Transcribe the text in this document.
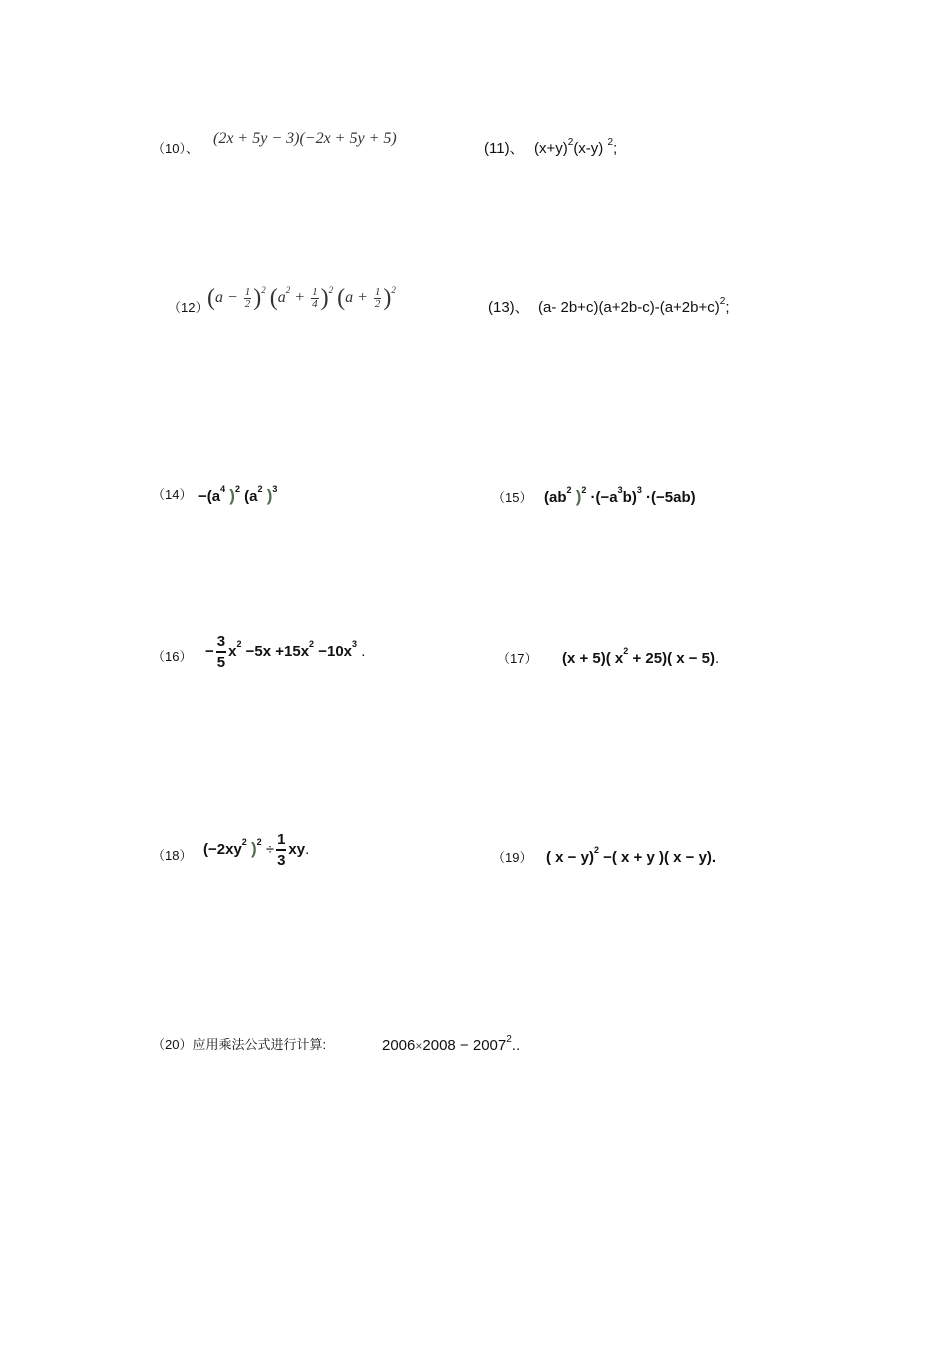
（10）、
(2x + 5y − 3)(−2x + 5y + 5)
(11)、 $(x+y)^2(x-y)$ $^2$;
（12）
$(a - \frac{1}{2} )^2$ $(a^2 + \frac{1}{4} )^2$ $(a + \frac{1}{2} )^2$
(13)、 (a- $2b+c)(a+2b-c)-(a+2b+c)^2$;
$(14) -(a^4$ )$^2$ ($a^2$ )$^3$
（15） ($ab^2$ )$^2 \cdot(-a^3b)^3 \cdot(-5ab)$
$(16) - \frac{3}{5} x^2 -5x +15x^2 -10x^3$ .	（17） (x + 5)( $x^2 + 25$)( x − 5).
（18） ($-2xy^2$ )$^2 \div \frac{1}{3}$ xy.	（19） ( x − y)$^2$ −( x + y )( x − y).
（20）应用乘法公式进行计算:	$2006\times 2008 - 2007^2$..
